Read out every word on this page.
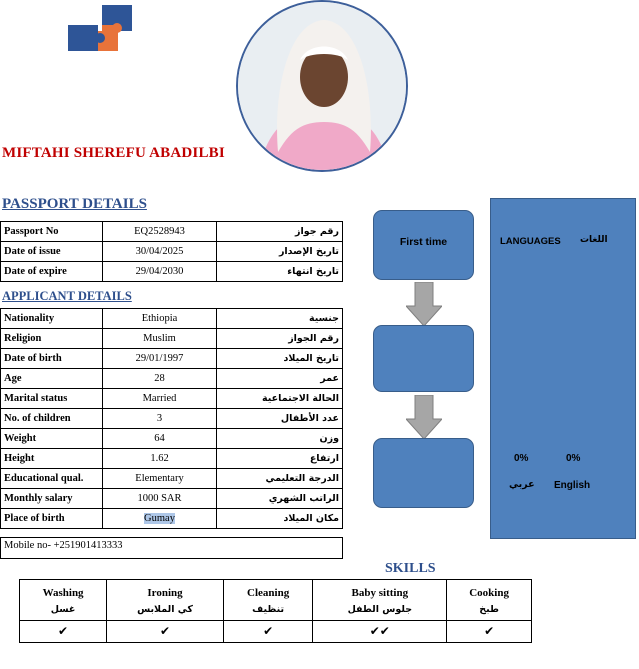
MIFTAHI SHEREFU ABADILBI
PASSPORT DETAILS
Passport No	EQ2528943	رقم جواز
Date of issue	30/04/2025	تاريخ الإصدار
Date of expire	29/04/2030	تاريخ انتهاء
APPLICANT DETAILS
Nationality	Ethiopia	جنسية
Religion	Muslim	رقم الجواز
Date of birth	29/01/1997	تاريخ الميلاد
Age	28	عمر
Marital status	Married	الحالة الاجتماعية
No. of children	3	عدد الأطفال
Weight	64	وزن
Height	1.62	ارتفاع
Educational qual.	Elementary	الدرجة التعليمي
Monthly salary	1000 SAR	الراتب الشهري
Place of birth	Gumay	مكان الميلاد
Mobile no- +251901413333
First time	LANGUAGES اللغات
0%	0%
عربي English
SKILLS
Washing	Ironing	Cleaning	Baby sitting	Cooking
غسل	كي الملابس	تنظيف	جلوس الطفل	طبخ
✔	✔	✔	✔✔	✔
